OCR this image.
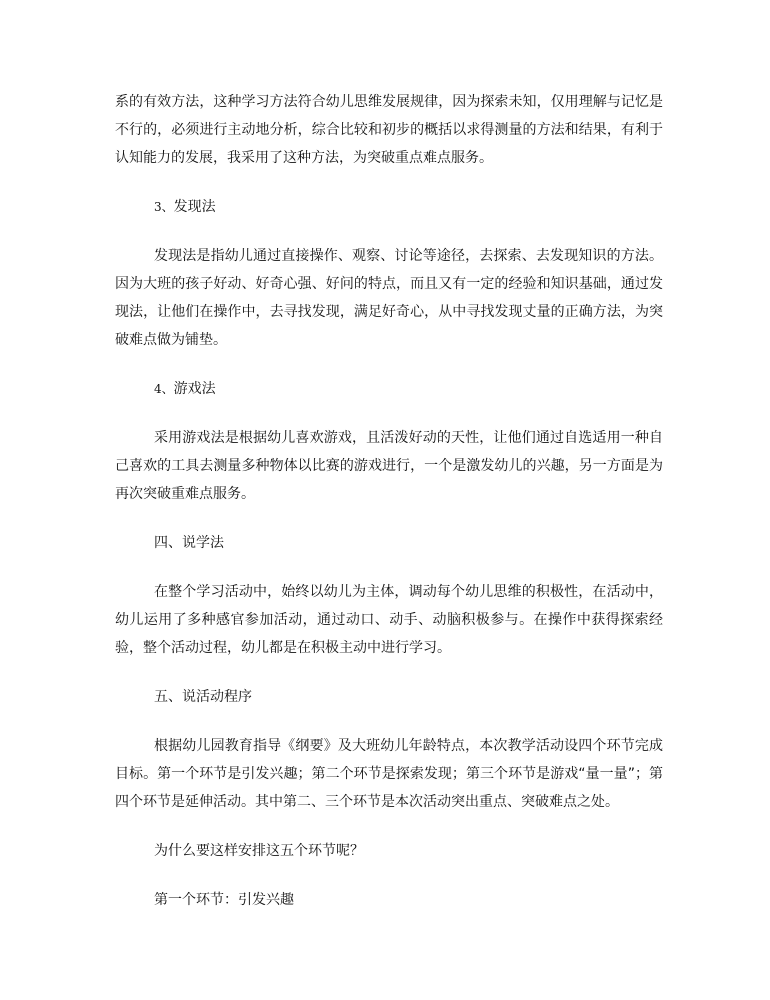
系的有效方法，这种学习方法符合幼儿思维发展规律，因为探索未知，仅用理解与记忆是不行的，必须进行主动地分析，综合比较和初步的概括以求得测量的方法和结果，有利于认知能力的发展，我采用了这种方法，为突破重点难点服务。

3、发现法

发现法是指幼儿通过直接操作、观察、讨论等途径，去探索、去发现知识的方法。因为大班的孩子好动、好奇心强、好问的特点，而且又有一定的经验和知识基础，通过发现法，让他们在操作中，去寻找发现，满足好奇心，从中寻找发现丈量的正确方法，为突破难点做为铺垫。

4、游戏法

采用游戏法是根据幼儿喜欢游戏，且活泼好动的天性，让他们通过自选适用一种自己喜欢的工具去测量多种物体以比赛的游戏进行，一个是激发幼儿的兴趣，另一方面是为再次突破重难点服务。

四、说学法

在整个学习活动中，始终以幼儿为主体，调动每个幼儿思维的积极性，在活动中，幼儿运用了多种感官参加活动，通过动口、动手、动脑积极参与。在操作中获得探索经验，整个活动过程，幼儿都是在积极主动中进行学习。

五、说活动程序

根据幼儿园教育指导《纲要》及大班幼儿年龄特点，本次教学活动设四个环节完成目标。第一个环节是引发兴趣；第二个环节是探索发现；第三个环节是游戏“量一量”；第四个环节是延伸活动。其中第二、三个环节是本次活动突出重点、突破难点之处。

为什么要这样安排这五个环节呢？

第一个环节：引发兴趣
